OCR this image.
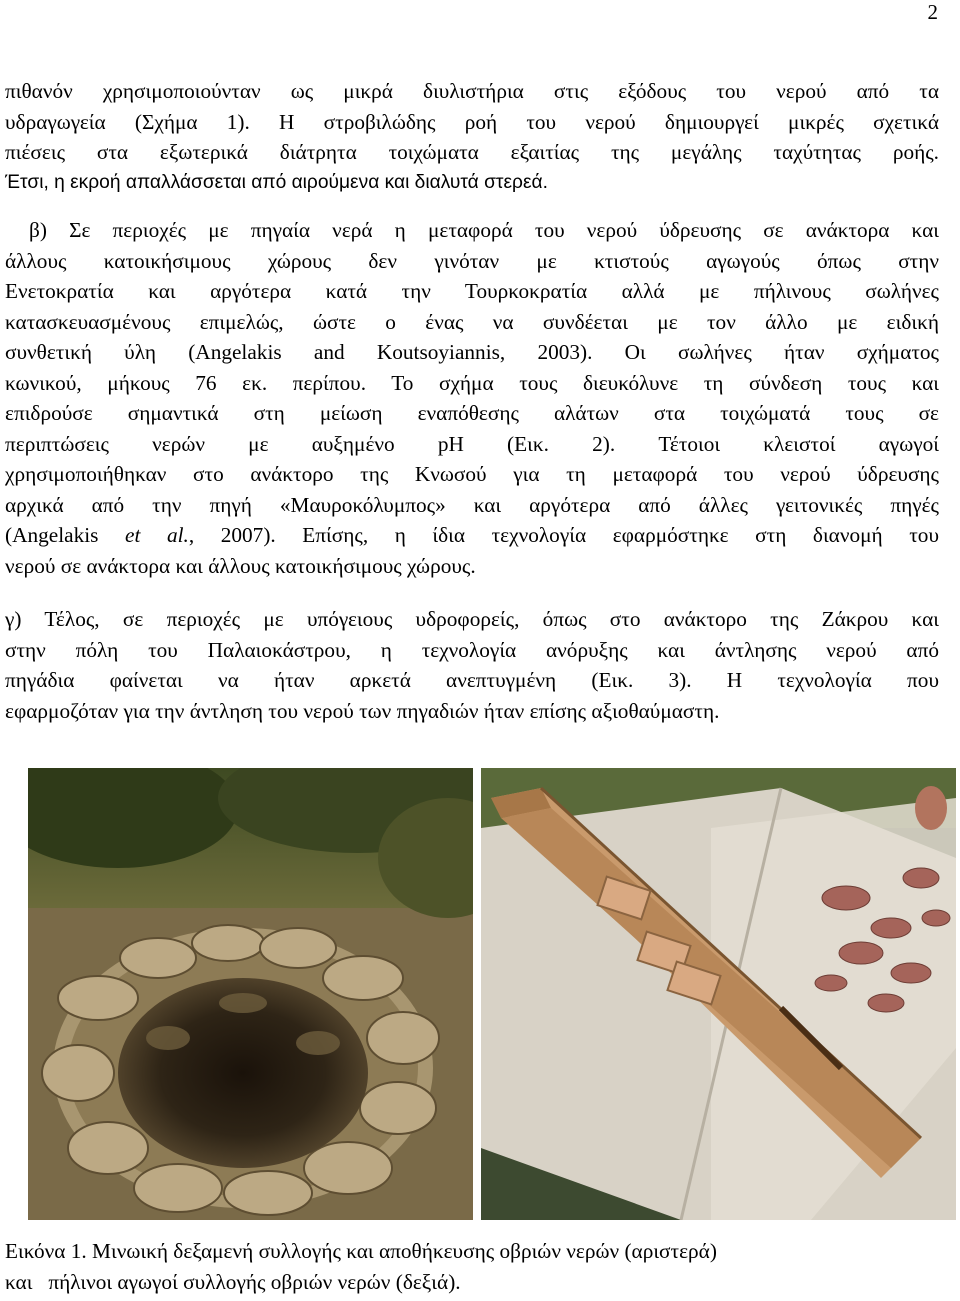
2
πιθανόν χρησιμοποιούνταν ως μικρά διυλιστήρια στις εξόδους του νερού από τα
υδραγωγεία (Σχήμα 1). Η στροβιλώδης ροή του νερού δημιουργεί μικρές σχετικά
πιέσεις στα εξωτερικά διάτρητα τοιχώματα εξαιτίας της μεγάλης ταχύτητας ροής.
Έτσι, η εκροή απαλλάσσεται από αιρούμενα και διαλυτά στερεά.
β) Σε περιοχές με πηγαία νερά η μεταφορά του νερού ύδρευσης σε ανάκτορα και
άλλους κατοικήσιμους χώρους δεν γινόταν με κτιστούς αγωγούς όπως στην
Ενετοκρατία και αργότερα κατά την Τουρκοκρατία αλλά με πήλινους σωλήνες
κατασκευασμένους επιμελώς, ώστε ο ένας να συνδέεται με τον άλλο με ειδική
συνθετική ύλη (Angelakis and Koutsoyiannis, 2003). Οι σωλήνες ήταν σχήματος
κωνικού, μήκους 76 εκ. περίπου. Το σχήμα τους διευκόλυνε τη σύνδεση τους και
επιδρούσε σημαντικά στη μείωση εναπόθεσης αλάτων στα τοιχώματά τους σε
περιπτώσεις νερών με αυξημένο pH (Εικ. 2). Τέτοιοι κλειστοί αγωγοί
χρησιμοποιήθηκαν στο ανάκτορο της Κνωσού για τη μεταφορά του νερού ύδρευσης
αρχικά από την πηγή «Μαυροκόλυμπος» και αργότερα από άλλες γειτονικές πηγές
(Angelakis et al., 2007). Επίσης, η ίδια τεχνολογία εφαρμόστηκε στη διανομή του
νερού σε ανάκτορα και άλλους κατοικήσιμους χώρους.
γ) Τέλος, σε περιοχές με υπόγειους υδροφορείς, όπως στο ανάκτορο της Ζάκρου και
στην πόλη του Παλαιοκάστρου, η τεχνολογία ανόρυξης και άντλησης νερού από
πηγάδια φαίνεται να ήταν αρκετά ανεπτυγμένη (Εικ. 3). Η τεχνολογία που
εφαρμοζόταν για την άντληση του νερού των πηγαδιών ήταν επίσης αξιοθαύμαστη.
Εικόνα 1. Μινωική δεξαμενή συλλογής και αποθήκευσης οβριών νερών (αριστερά)
και   πήλινοι αγωγοί συλλογής οβριών νερών (δεξιά).
